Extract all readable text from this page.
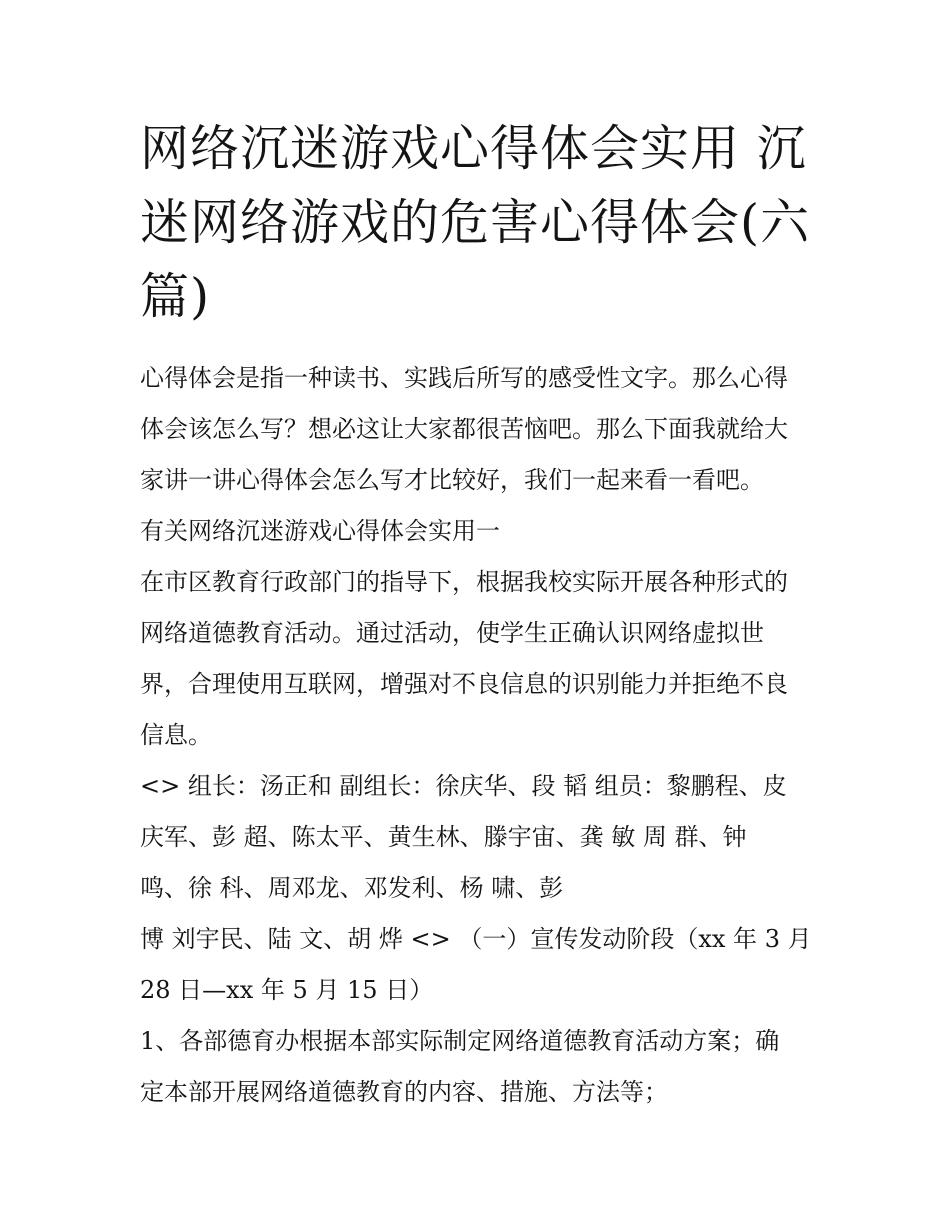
网络沉迷游戏心得体会实用 沉
迷网络游戏的危害心得体会(六
篇)
心得体会是指一种读书、实践后所写的感受性文字。那么心得
体会该怎么写？想必这让大家都很苦恼吧。那么下面我就给大
家讲一讲心得体会怎么写才比较好，我们一起来看一看吧。
有关网络沉迷游戏心得体会实用一
在市区教育行政部门的指导下，根据我校实际开展各种形式的
网络道德教育活动。通过活动，使学生正确认识网络虚拟世
界，合理使用互联网，增强对不良信息的识别能力并拒绝不良
信息。
<> 组长：汤正和 副组长：徐庆华、段 韬 组员：黎鹏程、皮
庆军、彭 超、陈太平、黄生林、滕宇宙、龚 敏 周 群、钟
鸣、徐 科、周邓龙、邓发利、杨 啸、彭
博 刘宇民、陆 文、胡 烨 <> （一）宣传发动阶段（xx 年 3 月
28 日—xx 年 5 月 15 日）
1、各部德育办根据本部实际制定网络道德教育活动方案；确
定本部开展网络道德教育的内容、措施、方法等；
